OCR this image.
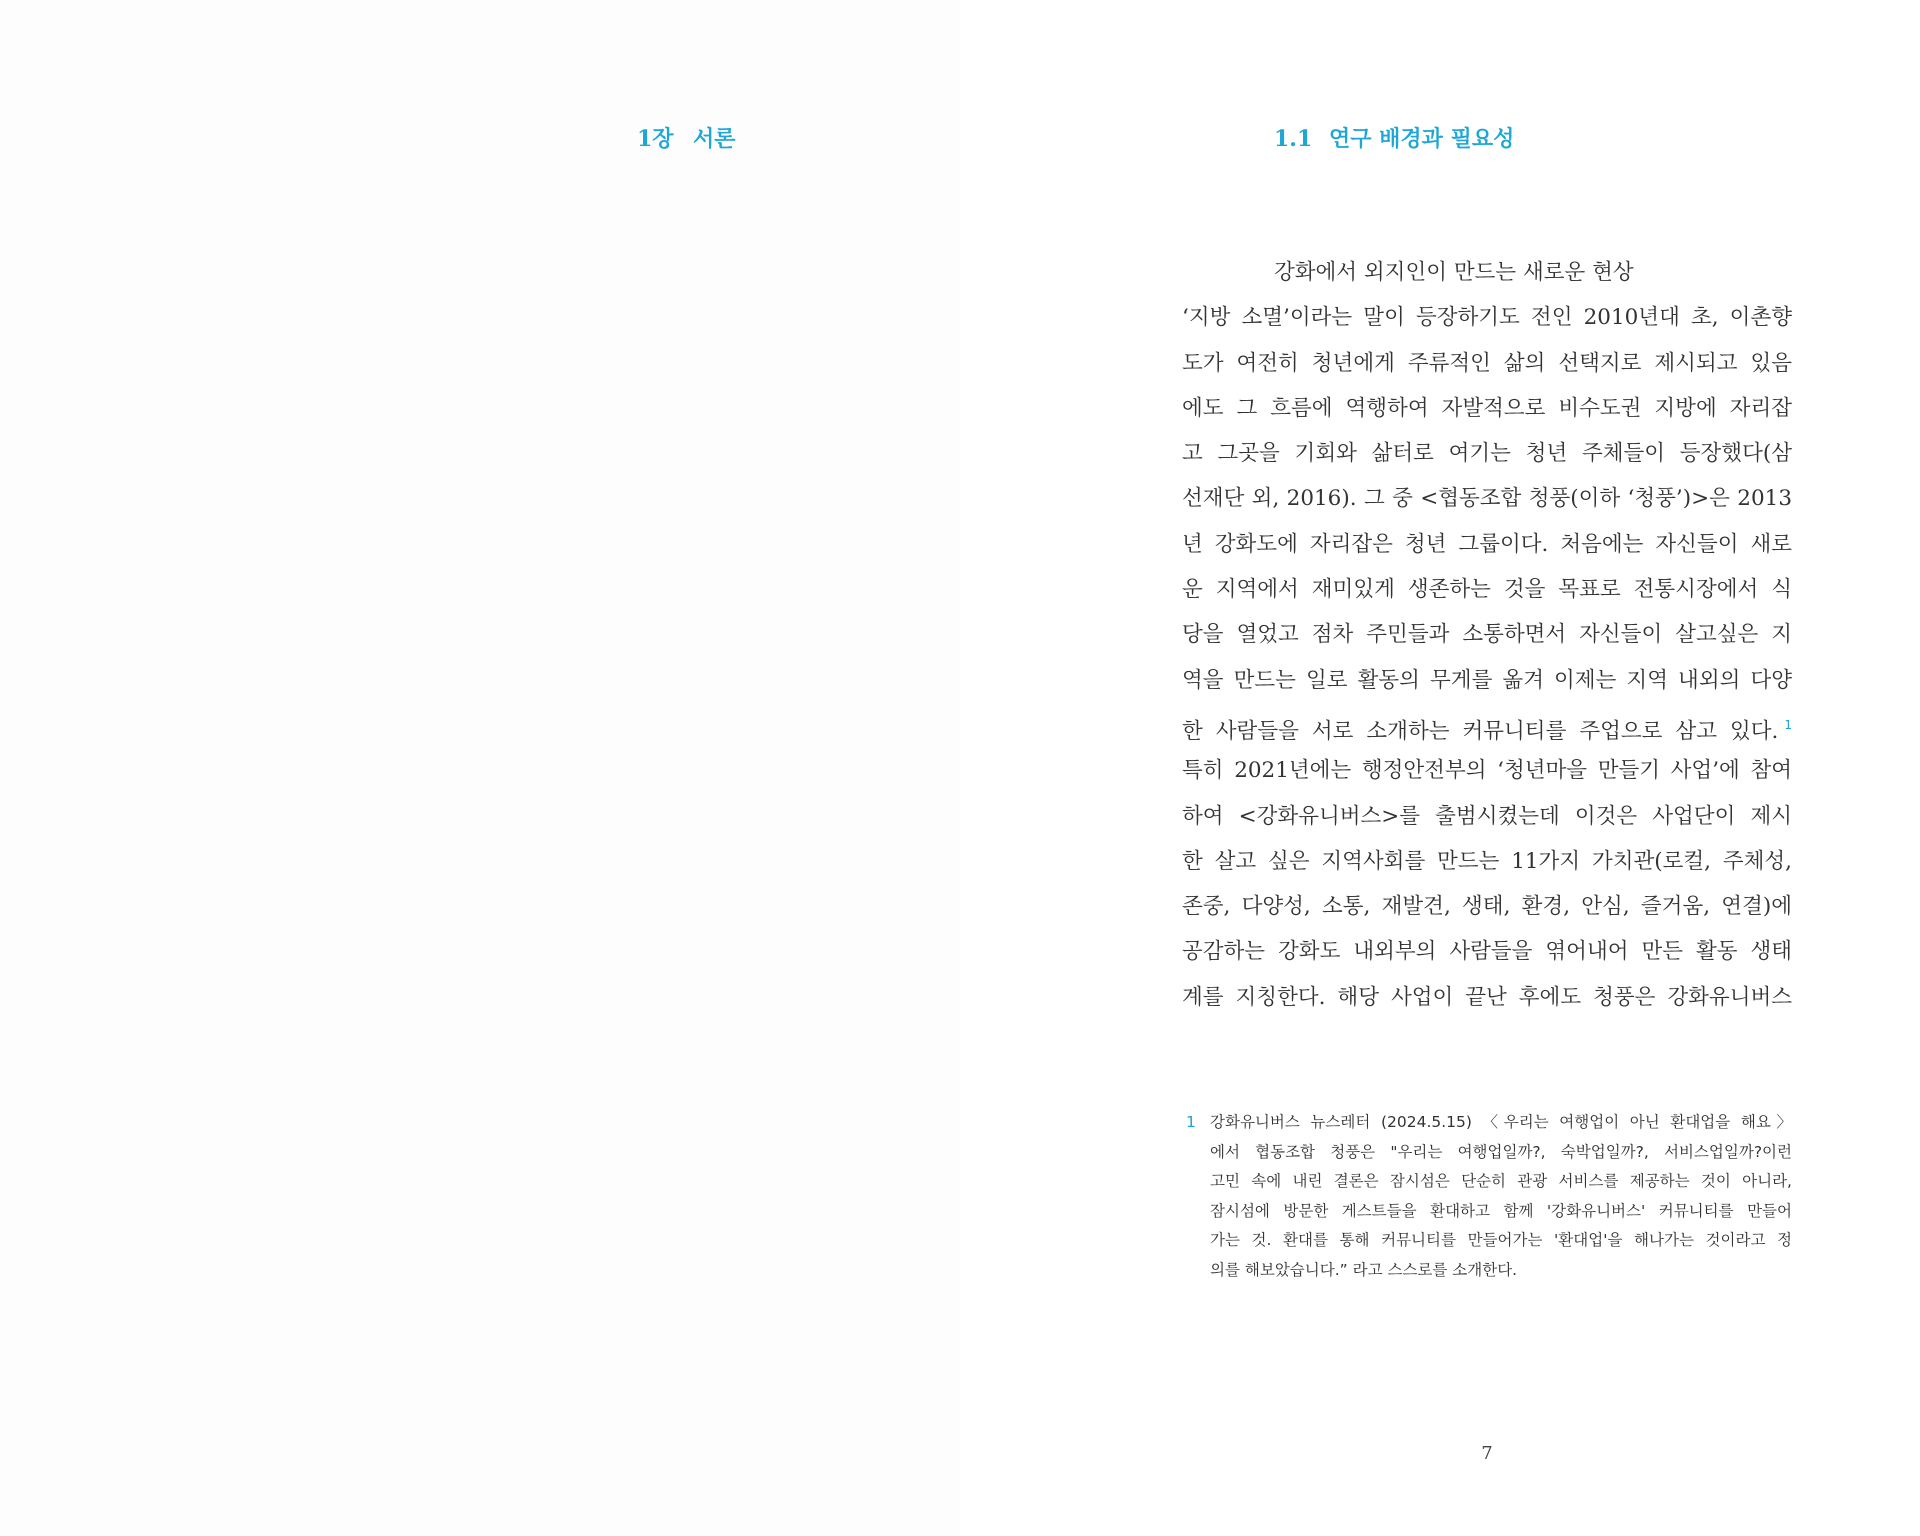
1장 서론	1.1 연구 배경과 필요성
강화에서 외지인이 만드는 새로운 현상
‘지방 소멸’이라는 말이 등장하기도 전인 2010년대 초, 이촌향
도가 여전히 청년에게 주류적인 삶의 선택지로 제시되고 있음
에도 그 흐름에 역행하여 자발적으로 비수도권 지방에 자리잡
고 그곳을 기회와 삶터로 여기는 청년 주체들이 등장했다(삼
선재단 외, 2016). 그 중 <협동조합 청풍(이하 ‘청풍’)>은 2013
년 강화도에 자리잡은 청년 그룹이다. 처음에는 자신들이 새로
운 지역에서 재미있게 생존하는 것을 목표로 전통시장에서 식
당을 열었고 점차 주민들과 소통하면서 자신들이 살고싶은 지
역을 만드는 일로 활동의 무게를 옮겨 이제는 지역 내외의 다양
한 사람들을 서로 소개하는 커뮤니티를 주업으로 삼고 있다. $^1$
특히 2021년에는 행정안전부의 ‘청년마을 만들기 사업’에 참여
하여 <강화유니버스>를 출범시켰는데 이것은 사업단이 제시
한 살고 싶은 지역사회를 만드는 11가지 가치관(로컬, 주체성,
존중, 다양성, 소통, 재발견, 생태, 환경, 안심, 즐거움, 연결)에
공감하는 강화도 내외부의 사람들을 엮어내어 만든 활동 생태
계를 지칭한다. 해당 사업이 끝난 후에도 청풍은 강화유니버스
1 강화유니버스 뉴스레터 (2024.5.15) 〈우리는 여행업이 아닌 환대업을 해요〉
에서 협동조합 청풍은 "우리는 여행업일까?, 숙박업일까?, 서비스업일까?이런
고민 속에 내린 결론은 잠시섬은 단순히 관광 서비스를 제공하는 것이 아니라,
잠시섬에 방문한 게스트들을 환대하고 함께 '강화유니버스' 커뮤니티를 만들어
가는 것. 환대를 통해 커뮤니티를 만들어가는 '환대업'을 해나가는 것이라고 정
의를 해보았습니다.” 라고 스스로를 소개한다.
7
